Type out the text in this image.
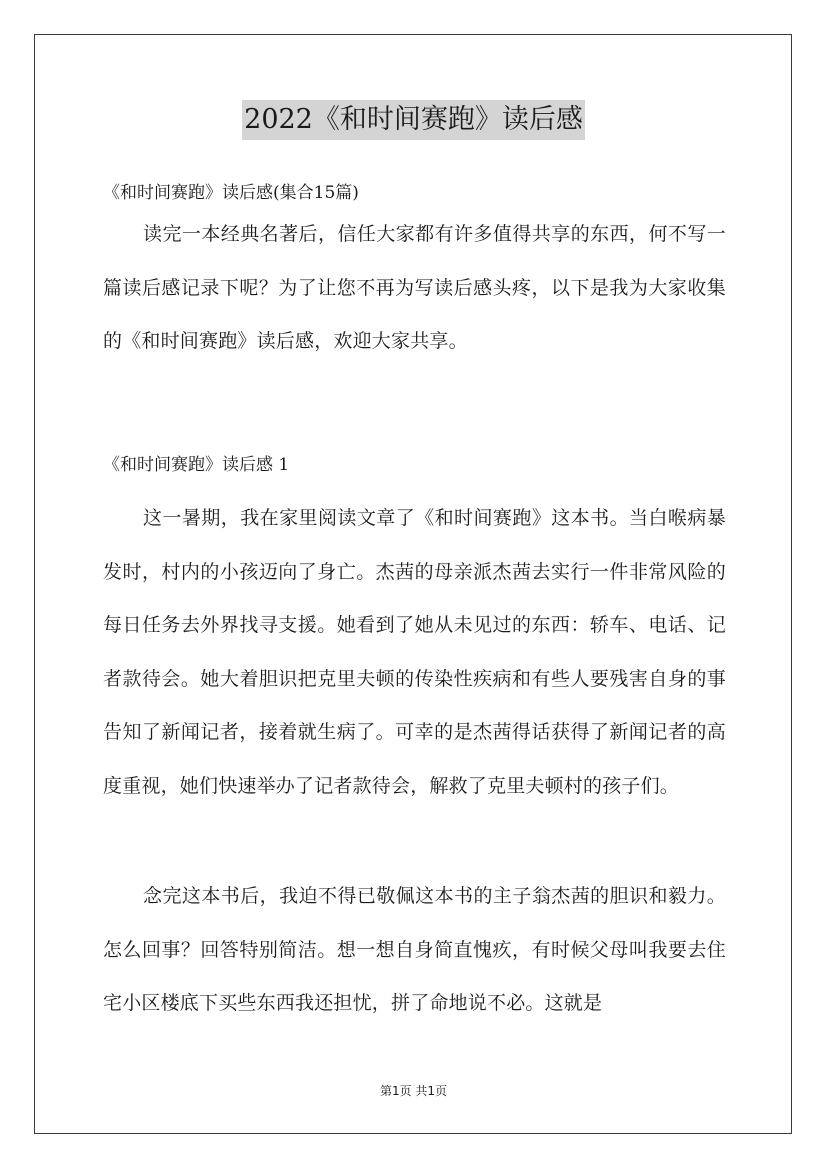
2022《和时间赛跑》读后感
《和时间赛跑》读后感(集合15篇)
读完一本经典名著后，信任大家都有许多值得共享的东西，何不写一篇读后感记录下呢？为了让您不再为写读后感头疼，以下是我为大家收集的《和时间赛跑》读后感，欢迎大家共享。
《和时间赛跑》读后感 1
这一暑期，我在家里阅读文章了《和时间赛跑》这本书。当白喉病暴发时，村内的小孩迈向了身亡。杰茜的母亲派杰茜去实行一件非常风险的每日任务去外界找寻支援。她看到了她从未见过的东西：轿车、电话、记者款待会。她大着胆识把克里夫顿的传染性疾病和有些人要残害自身的事告知了新闻记者，接着就生病了。可幸的是杰茜得话获得了新闻记者的高度重视，她们快速举办了记者款待会，解救了克里夫顿村的孩子们。
念完这本书后，我迫不得已敬佩这本书的主子翁杰茜的胆识和毅力。怎么回事？回答特别简洁。想一想自身简直愧疚，有时候父母叫我要去住宅小区楼底下买些东西我还担忧，拼了命地说不必。这就是
第1页 共1页
